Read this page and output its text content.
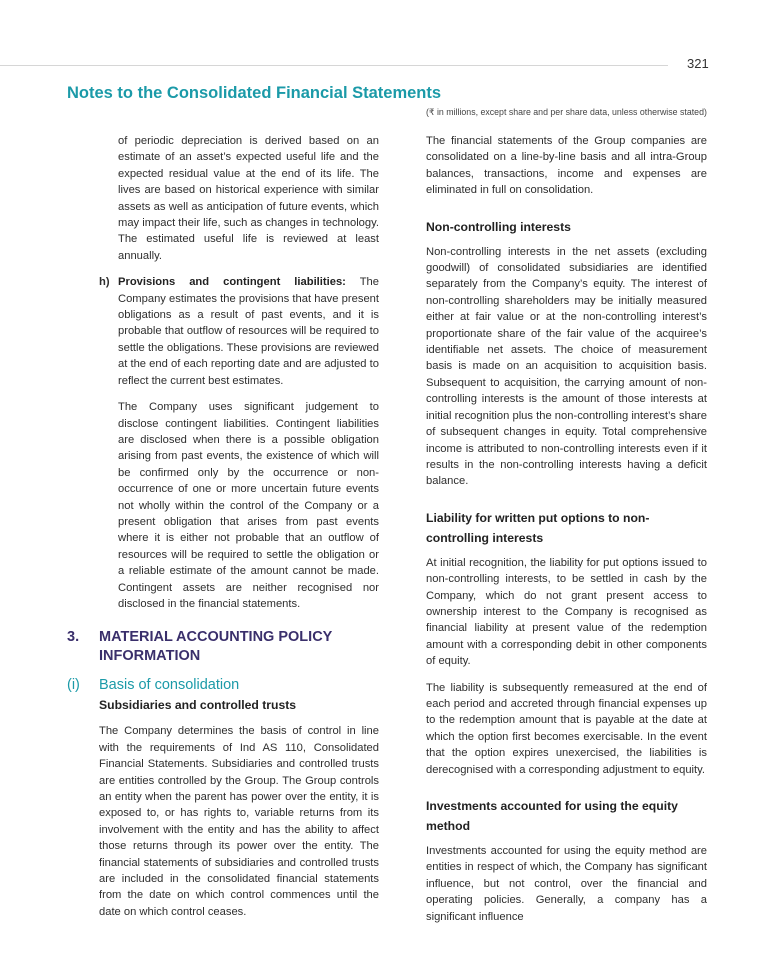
321
Notes to the Consolidated Financial Statements
(₹ in millions, except share and per share data, unless otherwise stated)

of periodic depreciation is derived based on an estimate of an asset’s expected useful life and the expected residual value at the end of its life. The lives are based on historical experience with similar assets as well as anticipation of future events, which may impact their life, such as changes in technology. The estimated useful life is reviewed at least annually.

h) Provisions and contingent liabilities: The Company estimates the provisions that have present obligations as a result of past events, and it is probable that outflow of resources will be required to settle the obligations. These provisions are reviewed at the end of each reporting date and are adjusted to reflect the current best estimates.

The Company uses significant judgement to disclose contingent liabilities. Contingent liabilities are disclosed when there is a possible obligation arising from past events, the existence of which will be confirmed only by the occurrence or non-occurrence of one or more uncertain future events not wholly within the control of the Company or a present obligation that arises from past events where it is either not probable that an outflow of resources will be required to settle the obligation or a reliable estimate of the amount cannot be made. Contingent assets are neither recognised nor disclosed in the financial statements.

3.	MATERIAL ACCOUNTING POLICY INFORMATION
(i)	Basis of consolidation
Subsidiaries and controlled trusts

The Company determines the basis of control in line with the requirements of Ind AS 110, Consolidated Financial Statements. Subsidiaries and controlled trusts are entities controlled by the Group. The Group controls an entity when the parent has power over the entity, it is exposed to, or has rights to, variable returns from its involvement with the entity and has the ability to affect those returns through its power over the entity. The financial statements of subsidiaries and controlled trusts are included in the consolidated financial statements from the date on which control commences until the date on which control ceases.

The financial statements of the Group companies are consolidated on a line-by-line basis and all intra-Group balances, transactions, income and expenses are eliminated in full on consolidation.

Non-controlling interests

Non-controlling interests in the net assets (excluding goodwill) of consolidated subsidiaries are identified separately from the Company’s equity. The interest of non-controlling shareholders may be initially measured either at fair value or at the non-controlling interest’s proportionate share of the fair value of the acquiree’s identifiable net assets. The choice of measurement basis is made on an acquisition to acquisition basis. Subsequent to acquisition, the carrying amount of non-controlling interests is the amount of those interests at initial recognition plus the non-controlling interest’s share of subsequent changes in equity. Total comprehensive income is attributed to non-controlling interests even if it results in the non-controlling interests having a deficit balance.

Liability for written put options to non-controlling interests

At initial recognition, the liability for put options issued to non-controlling interests, to be settled in cash by the Company, which do not grant present access to ownership interest to the Company is recognised as financial liability at present value of the redemption amount with a corresponding debit in other components of equity.

The liability is subsequently remeasured at the end of each period and accreted through financial expenses up to the redemption amount that is payable at the date at which the option first becomes exercisable. In the event that the option expires unexercised, the liabilities is derecognised with a corresponding adjustment to equity.

Investments accounted for using the equity method

Investments accounted for using the equity method are entities in respect of which, the Company has significant influence, but not control, over the financial and operating policies. Generally, a company has a significant influence
